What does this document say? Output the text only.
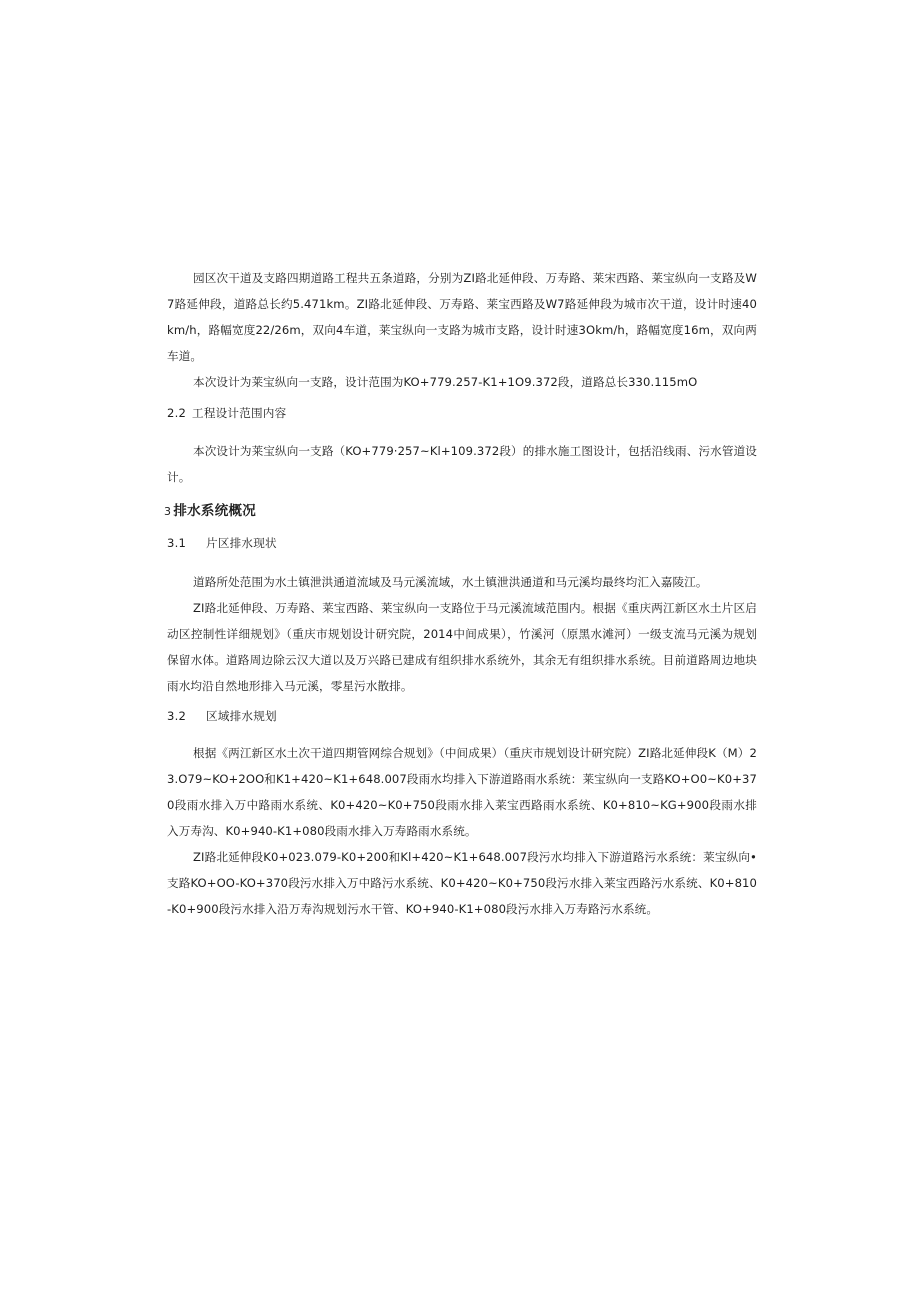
园区次干道及支路四期道路工程共五条道路，分别为ZI路北延伸段、万寿路、莱宋西路、莱宝纵向一支路及W7路延伸段，道路总长约5.471km。ZI路北延伸段、万寿路、莱宝西路及W7路延伸段为城市次干道，设计时速40km/h，路幅宽度22/26m，双向4车道，莱宝纵向一支路为城市支路，设计时速3Okm/h，路幅宽度16m，双向两车道。

本次设计为莱宝纵向一支路，设计范围为KO+779.257-K1+1O9.372段，道路总长330.115mO

2.2 工程设计范围内容

本次设计为莱宝纵向一支路（KO+779·257~Kl+109.372段）的排水施工图设计，包括沿线雨、污水管道设计。

3 排水系统概况

3.1 片区排水现状

道路所处范围为水土镇泄洪通道流域及马元溪流域，水土镇泄洪通道和马元溪均最终均汇入嘉陵江。

ZI路北延伸段、万寿路、莱宝西路、莱宝纵向一支路位于马元溪流域范围内。根据《重庆两江新区水土片区启动区控制性详细规划》（重庆市规划设计研究院，2014中间成果），竹溪河（原黑水滩河）一级支流马元溪为规划保留水体。道路周边除云汉大道以及万兴路已建成有组织排水系统外，其余无有组织排水系统。目前道路周边地块雨水均沿自然地形排入马元溪，零星污水散排。

3.2 区域排水规划

根据《两江新区水土次干道四期管网综合规划》（中间成果）（重庆市规划设计研究院）ZI路北延伸段K（M）23.O79~KO+2OO和K1+420~K1+648.007段雨水均排入下游道路雨水系统：莱宝纵向一支路KO+O0~K0+370段雨水排入万中路雨水系统、K0+420~K0+750段雨水排入莱宝西路雨水系统、K0+810~KG+900段雨水排入万寿沟、K0+940-K1+080段雨水排入万寿路雨水系统。

ZI路北延伸段K0+023.079-K0+200和Kl+420~K1+648.007段污水均排入下游道路污水系统：莱宝纵向•支路KO+OO-KO+370段污水排入万中路污水系统、K0+420~K0+750段污水排入莱宝西路污水系统、K0+810-K0+900段污水排入沿万寿沟规划污水干管、KO+940-K1+080段污水排入万寿路污水系统。
